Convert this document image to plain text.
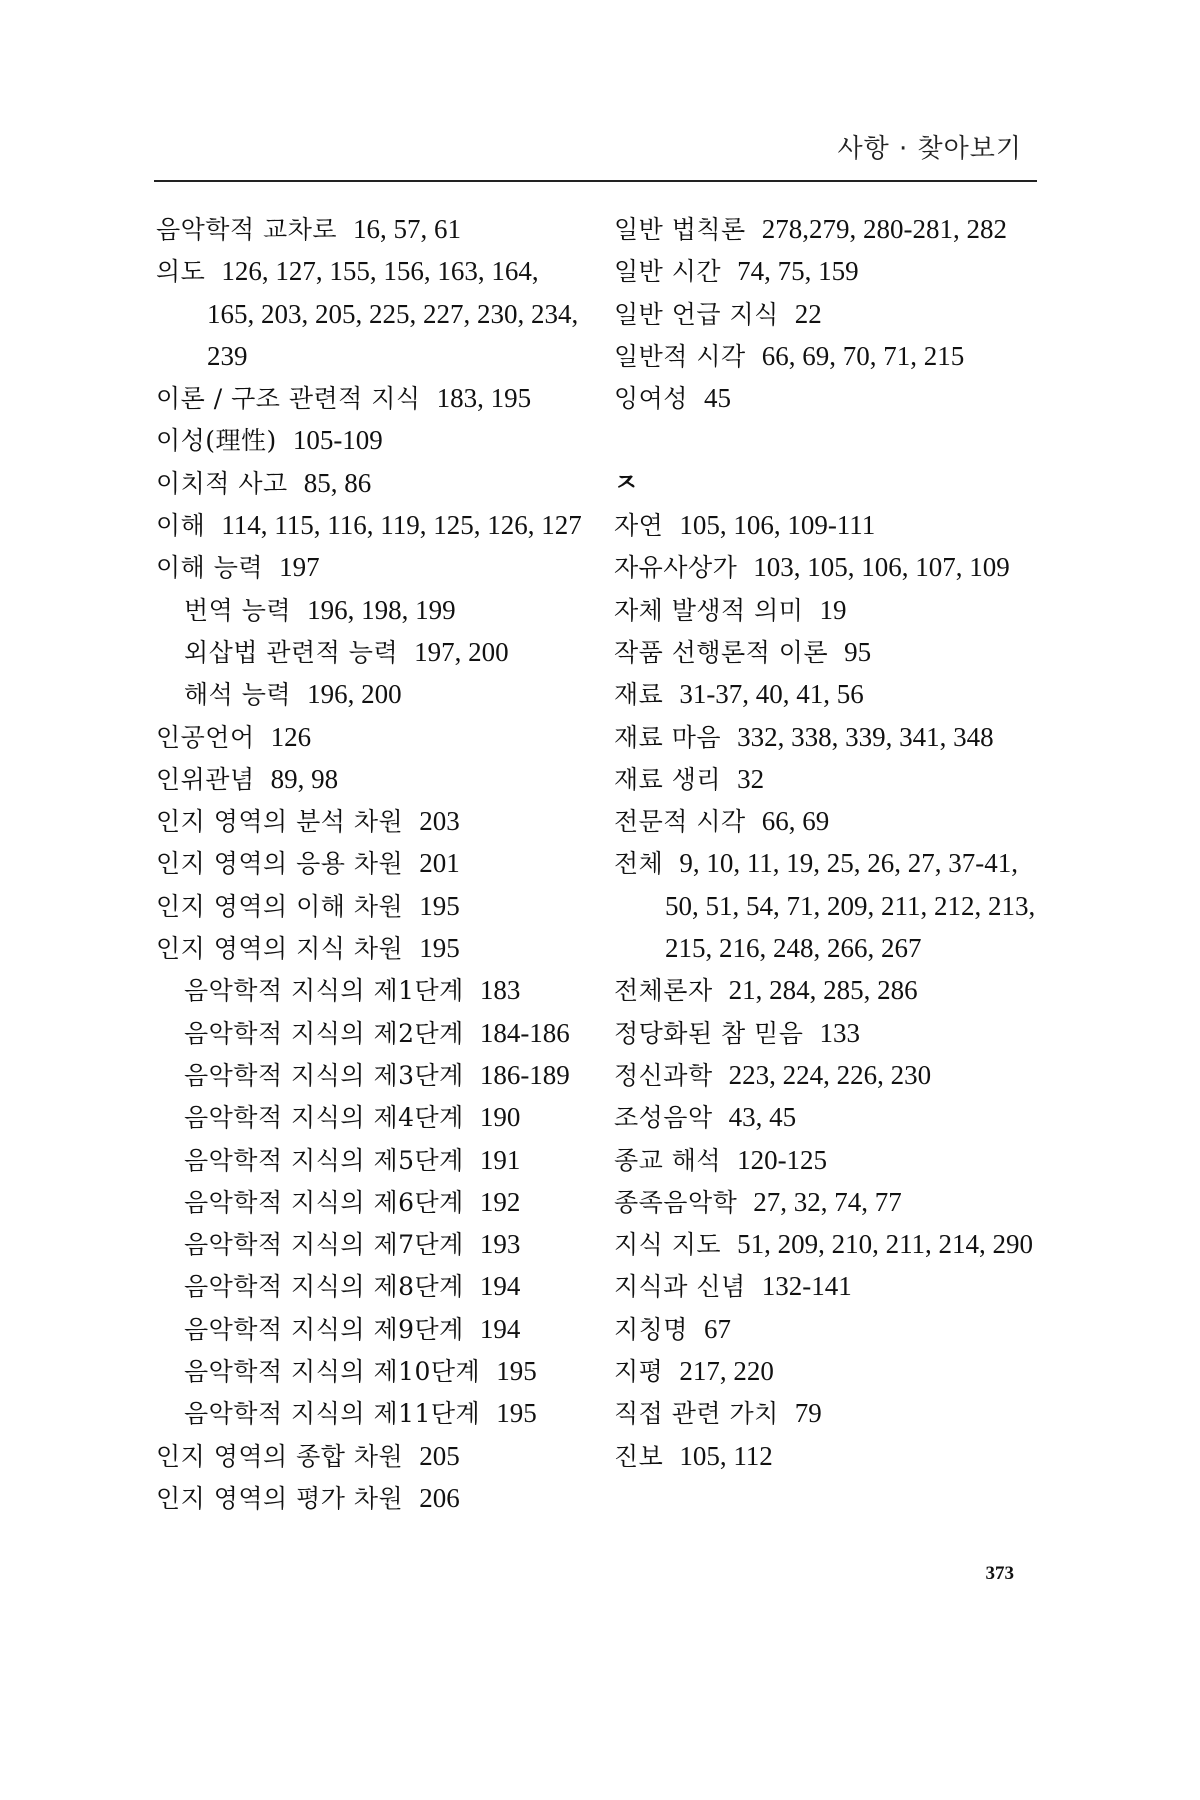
사항 · 찾아보기
음악학적 교차로 16, 57, 61
의도 126, 127, 155, 156, 163, 164,
165, 203, 205, 225, 227, 230, 234,
239
이론 / 구조 관련적 지식 183, 195
이성(理性) 105-109
이치적 사고 85, 86
이해 114, 115, 116, 119, 125, 126, 127
이해 능력 197
번역 능력 196, 198, 199
외삽법 관련적 능력 197, 200
해석 능력 196, 200
인공언어 126
인위관념 89, 98
인지 영역의 분석 차원 203
인지 영역의 응용 차원 201
인지 영역의 이해 차원 195
인지 영역의 지식 차원 195
음악학적 지식의 제1단계 183
음악학적 지식의 제2단계 184-186
음악학적 지식의 제3단계 186-189
음악학적 지식의 제4단계 190
음악학적 지식의 제5단계 191
음악학적 지식의 제6단계 192
음악학적 지식의 제7단계 193
음악학적 지식의 제8단계 194
음악학적 지식의 제9단계 194
음악학적 지식의 제10단계 195
음악학적 지식의 제11단계 195
인지 영역의 종합 차원 205
인지 영역의 평가 차원 206
일반 법칙론 278,279, 280-281, 282
일반 시간 74, 75, 159
일반 언급 지식 22
일반적 시각 66, 69, 70, 71, 215
잉여성 45
ㅈ
자연 105, 106, 109-111
자유사상가 103, 105, 106, 107, 109
자체 발생적 의미 19
작품 선행론적 이론 95
재료 31-37, 40, 41, 56
재료 마음 332, 338, 339, 341, 348
재료 생리 32
전문적 시각 66, 69
전체 9, 10, 11, 19, 25, 26, 27, 37-41,
50, 51, 54, 71, 209, 211, 212, 213,
215, 216, 248, 266, 267
전체론자 21, 284, 285, 286
정당화된 참 믿음 133
정신과학 223, 224, 226, 230
조성음악 43, 45
종교 해석 120-125
종족음악학 27, 32, 74, 77
지식 지도 51, 209, 210, 211, 214, 290
지식과 신념 132-141
지칭명 67
지평 217, 220
직접 관련 가치 79
진보 105, 112
373
